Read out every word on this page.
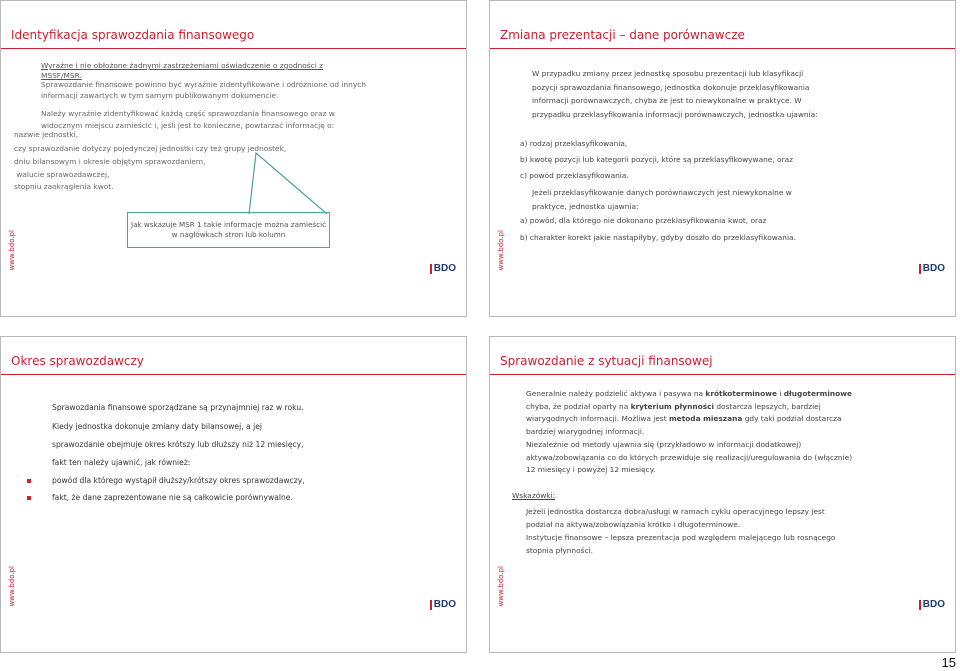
Identyfikacja sprawozdania finansowego
Wyraźne i nie obłożone żadnymi zastrzeżeniami oświadczenie o zgodności z MSSF/MSR.
Sprawozdanie finansowe powinno być wyraźnie zidentyfikowane i odróżnione od innych informacji zawartych w tym samym publikowanym dokumencie.
Należy wyraźnie zidentyfikować każdą część sprawozdania finansowego oraz w widocznym miejscu zamieścić i, jeśli jest to konieczne, powtarzać informację o:
nazwie jednostki,
czy sprawozdanie dotyczy pojedynczej jednostki czy też grupy jednostek,
dniu bilansowym i okresie objętym sprawozdaniem,
walucie sprawozdawczej,
stopniu zaokrąglenia kwot.
Jak wskazuje MSR 1 takie informacje można zamieścić w nagłówkach stron lub kolumn
www.bdo.pl	BDO
Zmiana prezentacji – dane porównawcze
W przypadku zmiany przez jednostkę sposobu prezentacji lub klasyfikacji pozycji sprawozdania finansowego, jednostka dokonuje przeklasyfikowania informacji porównawczych, chyba że jest to niewykonalne w praktyce. W przypadku przeklasyfikowania informacji porównawczych, jednostka ujawnia:
a) rodzaj przeklasyfikowania,
b) kwotę pozycji lub kategorii pozycji, które są przeklasyfikowywane, oraz
c) powód przeklasyfikowania.
Jeżeli przeklasyfikowanie danych porównawczych jest niewykonalne w praktyce, jednostka ujawnia:
a) powód, dla którego nie dokonano przeklasyfikowania kwot, oraz
b) charakter korekt jakie nastąpiłyby, gdyby doszło do przeklasyfikowania.
www.bdo.pl	BDO
Okres sprawozdawczy
Sprawozdania finansowe sporządzane są przynajmniej raz w roku.
Kiedy jednostka dokonuje zmiany daty bilansowej, a jej
sprawozdanie obejmuje okres krótszy lub dłuższy niż 12 miesięcy,
fakt ten należy ujawnić, jak również:
powód dla którego wystąpił dłuższy/krótszy okres sprawozdawczy,
fakt, że dane zaprezentowane nie są całkowicie porównywalne.
www.bdo.pl	BDO
Sprawozdanie z sytuacji finansowej
Generalnie należy podzielić aktywa i pasywa na krótkoterminowe i długoterminowe chyba, że podział oparty na kryterium płynności dostarcza lepszych, bardziej wiarygodnych informacji. Możliwa jest metoda mieszana gdy taki podział dostarcza bardziej wiarygodnej informacji.
Niezależnie od metody ujawnia się (przykładowo w informacji dodatkowej) aktywa/zobowiązania co do których przewiduje się realizacji/uregulowania do (włącznie) 12 miesięcy i powyżej 12 miesięcy.
Wskazówki:
Jeżeli jednostka dostarcza dobra/usługi w ramach cyklu operacyjnego lepszy jest podział na aktywa/zobowiązania krótko i długoterminowe.
Instytucje finansowe – lepsza prezentacja pod względem malejącego lub rosnącego stopnia płynności.
www.bdo.pl	BDO
15
